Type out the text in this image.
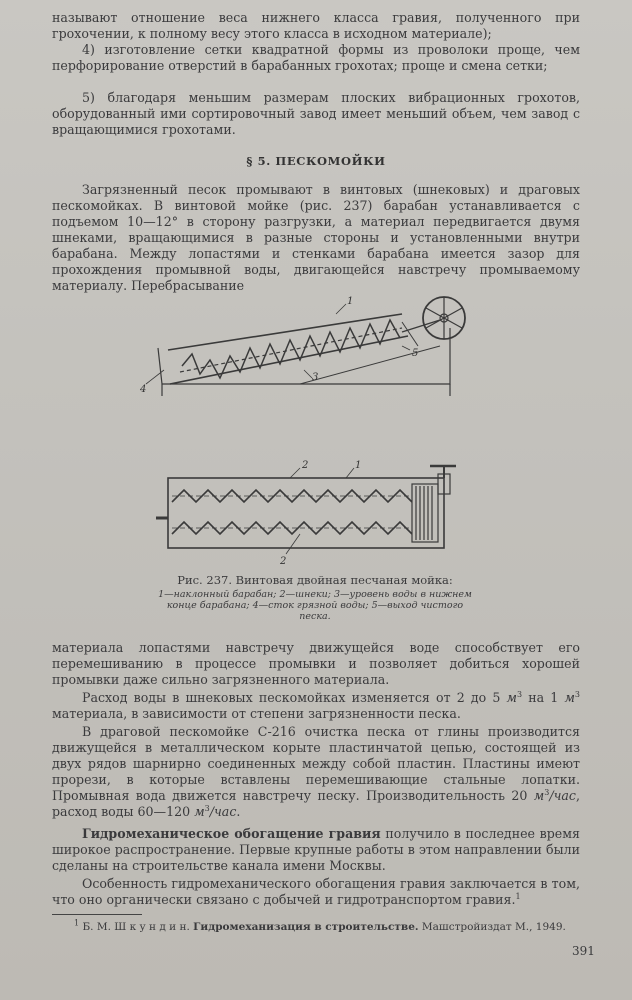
называют отношение веса нижнего класса гравия, полученного при грохочении, к полному весу этого класса в исходном материале);
4) изготовление сетки квадратной формы из проволоки проще, чем перфорирование отверстий в барабанных грохотах; проще и смена сетки;
5) благодаря меньшим размерам плоских вибрационных грохотов, оборудованный ими сортировочный завод имеет меньший объем, чем завод с вращающимися грохотами.
§ 5. ПЕСКОМОЙКИ
Загрязненный песок промывают в винтовых (шнековых) и драговых пескомойках. В винтовой мойке (рис. 237) барабан устанавливается с подъемом 10—12° в сторону разгрузки, а материал передвигается двумя шнеками, вращающимися в разные стороны и установленными внутри барабана. Между лопастями и стенками барабана имеется зазор для прохождения промывной воды, двигающейся навстречу промываемому материалу. Перебрасывание
1
3
4
5
2	1
2
Рис. 237. Винтовая двойная песчаная мойка:
1—наклонный барабан; 2—шнеки; 3—уровень воды в нижнем конце барабана; 4—сток грязной воды; 5—выход чистого песка.
материала лопастями навстречу движущейся воде способствует его перемешиванию в процессе промывки и позволяет добиться хорошей промывки даже сильно загрязненного материала.
Расход воды в шнековых пескомойках изменяется от 2 до 5 $м^3$ на 1 $м^3$ материала, в зависимости от степени загрязненности песка.
В драговой пескомойке С-216 очистка песка от глины производится движущейся в металлическом корыте пластинчатой цепью, состоящей из двух рядов шарнирно соединенных между собой пластин. Пластины имеют прорези, в которые вставлены перемешивающие стальные лопатки. Промывная вода движется навстречу песку. Производительность 20 $м^3$/час, расход воды 60—120 $м^3$/час.
Гидромеханическое обогащение гравия получило в последнее время широкое распространение. Первые крупные работы в этом направлении были сделаны на строительстве канала имени Москвы.
Особенность гидромеханического обогащения гравия заключается в том, что оно органически связано с добычей и гидротранспортом гравия.$^1$
$^1$ Б. М. Ш к у н д и н. Гидромеханизация в строительстве. Машстройиздат М., 1949.
391
